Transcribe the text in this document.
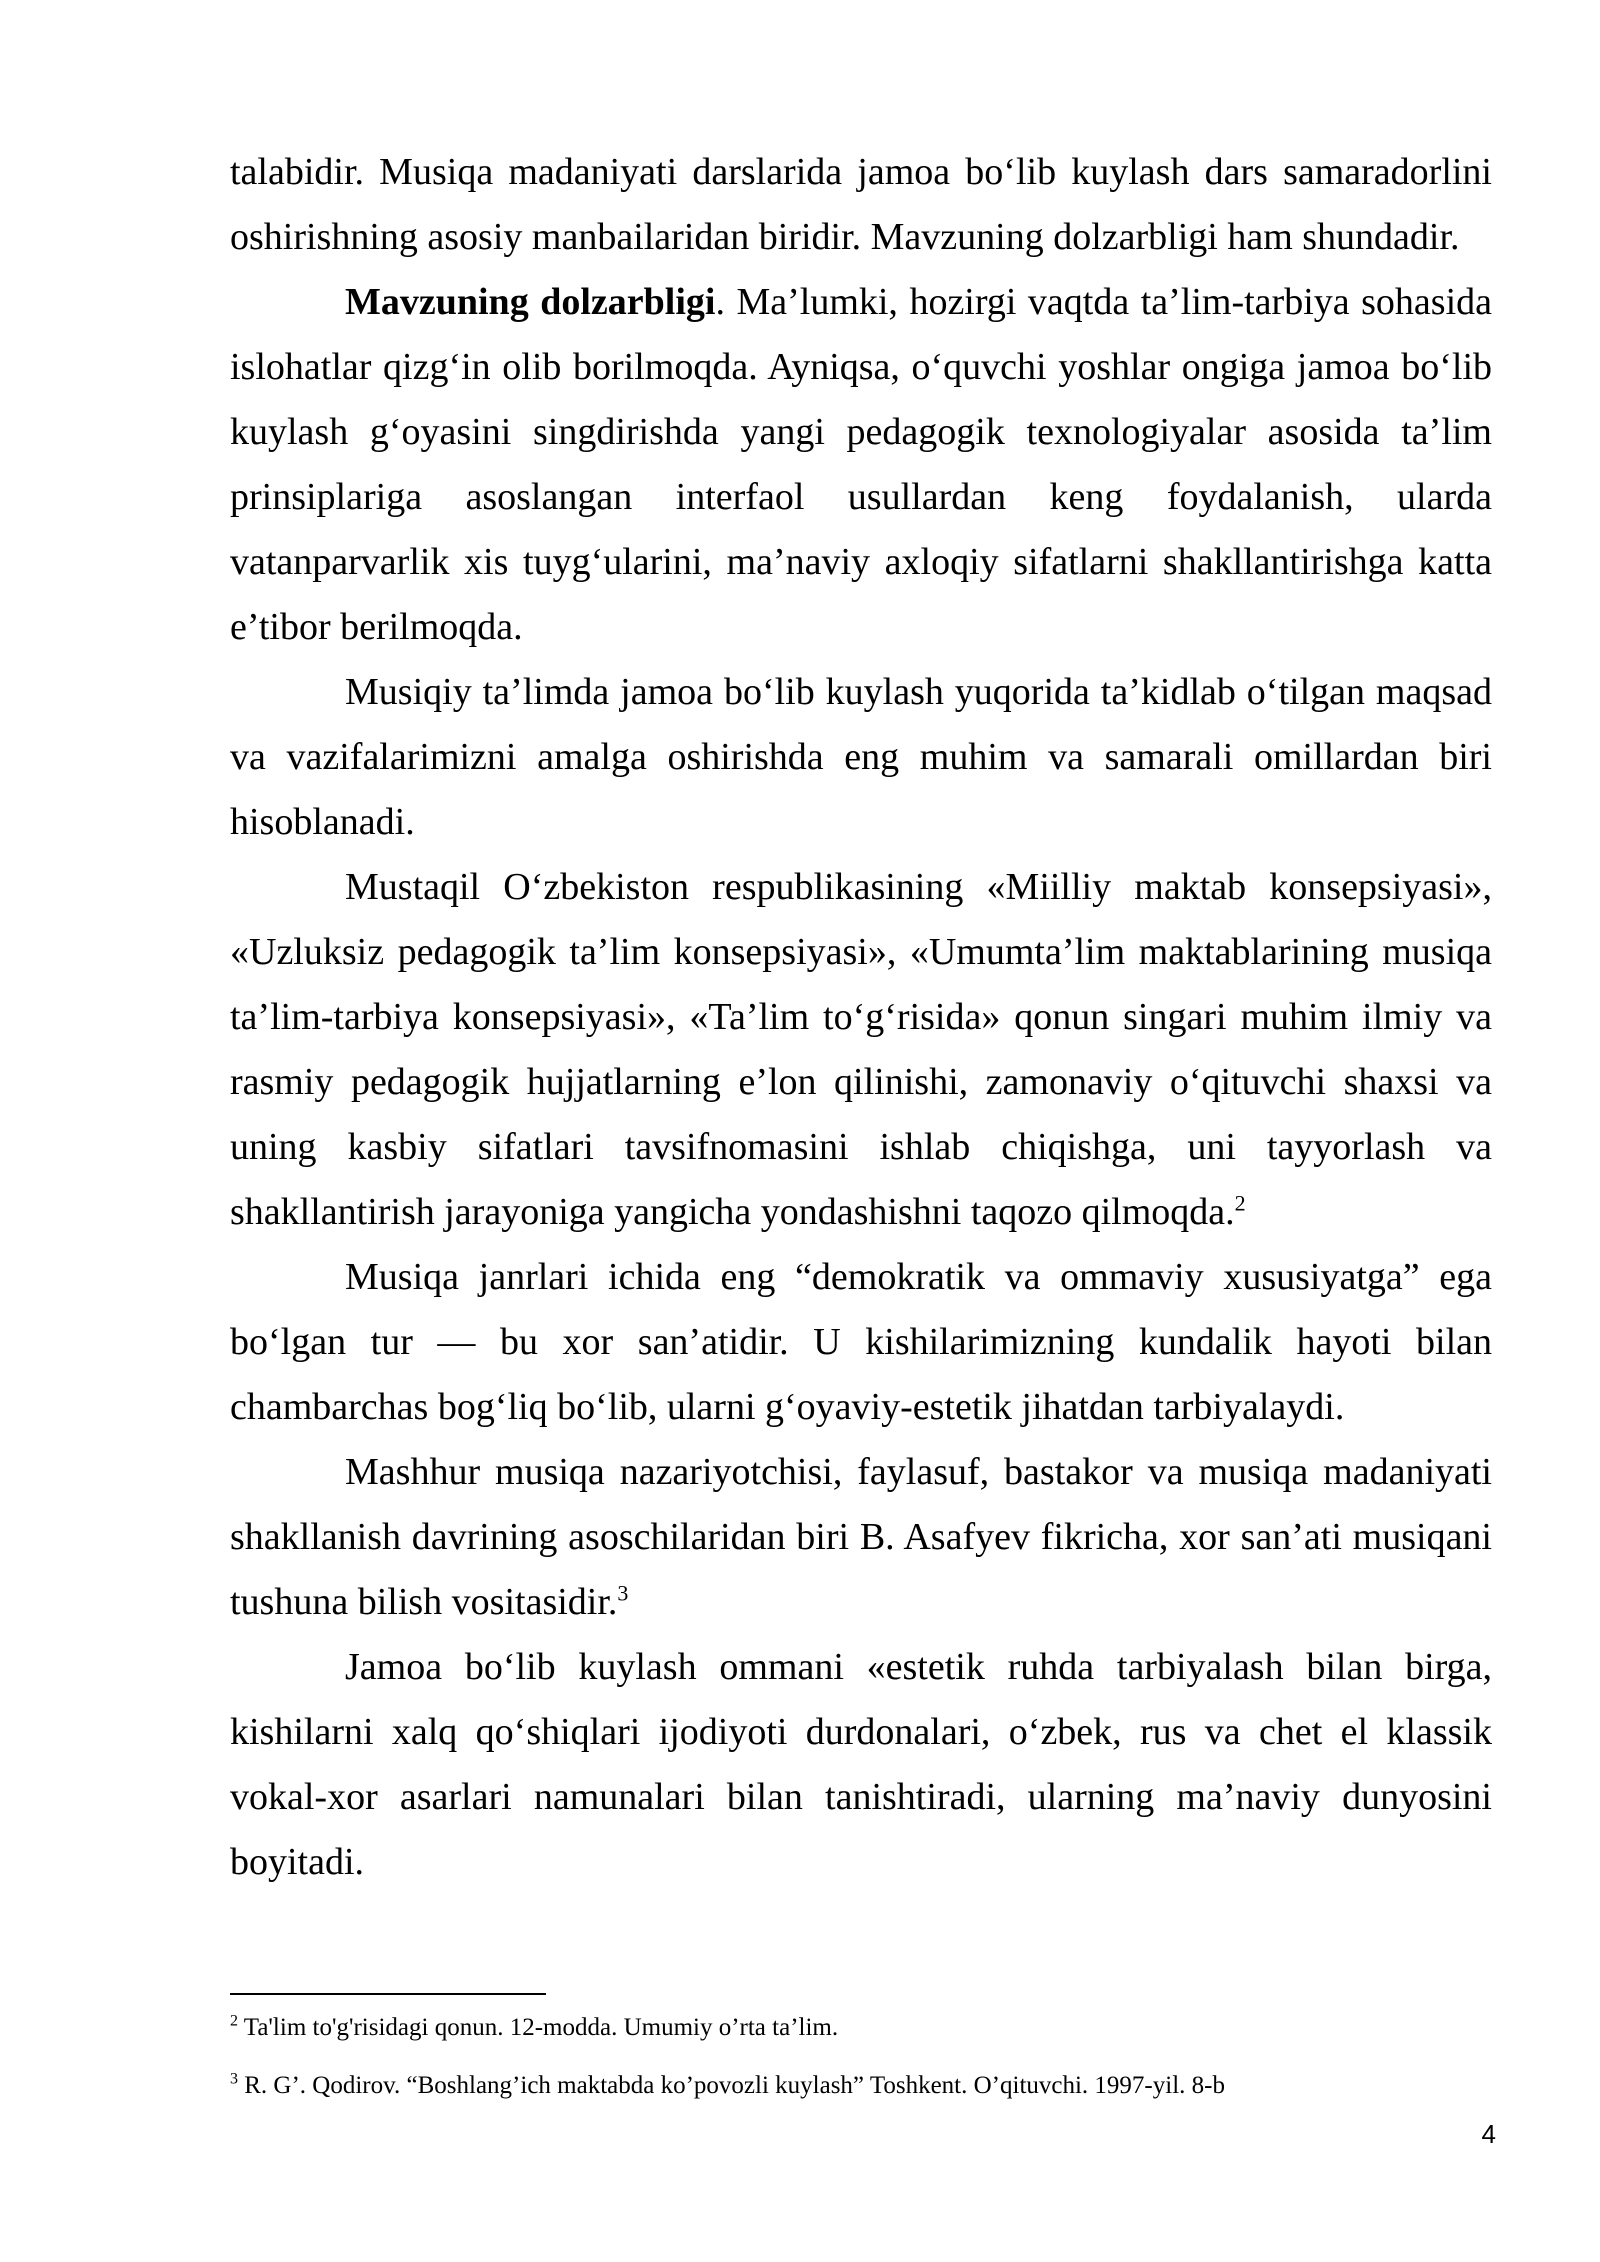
talabidir. Musiqa madaniyati darslarida jamoa bo‘lib kuylash dars samaradorlini oshirishning asosiy manbailaridan biridir. Mavzuning dolzarbligi ham shundadir.

Mavzuning dolzarbligi. Ma’lumki, hozirgi vaqtda ta’lim-tarbiya sohasida islohatlar qizg‘in olib borilmoqda. Ayniqsa, o‘quvchi yoshlar ongiga jamoa bo‘lib kuylash g‘oyasini singdirishda yangi pedagogik texnologiyalar asosida ta’lim prinsiplariga asoslangan interfaol usullardan keng foydalanish, ularda vatanparvarlik xis tuyg‘ularini, ma’naviy axloqiy sifatlarni shakllantirishga katta e’tibor berilmoqda.

Musiqiy ta’limda jamoa bo‘lib kuylash yuqorida ta’kidlab o‘tilgan maqsad va vazifalarimizni amalga oshirishda eng muhim va samarali omillardan biri hisoblanadi.

Mustaqil O‘zbekiston respublikasining «Miilliy maktab konsepsiyasi», «Uzluksiz pedagogik ta’lim konsepsiyasi», «Umumta’lim maktablarining musiqa ta’lim-tarbiya konsepsiyasi», «Ta’lim to‘g‘risida» qonun singari muhim ilmiy va rasmiy pedagogik hujjatlarning e’lon qilinishi, zamonaviy o‘qituvchi shaxsi va uning kasbiy sifatlari tavsifnomasini ishlab chiqishga, uni tayyorlash va shakllantirish jarayoniga yangicha yondashishni taqozo qilmoqda.$^2$

Musiqa janrlari ichida eng “demokratik va ommaviy xususiyatga” ega bo‘lgan tur — bu xor san’atidir. U kishilarimizning kundalik hayoti bilan chambarchas bog‘liq bo‘lib, ularni g‘oyaviy-estetik jihatdan tarbiyalaydi.

Mashhur musiqa nazariyotchisi, faylasuf, bastakor va musiqa madaniyati shakllanish davrining asoschilaridan biri B. Asafyev fikricha, xor san’ati musiqani tushuna bilish vositasidir.$^3$

Jamoa bo‘lib kuylash ommani «estetik ruhda tarbiyalash bilan birga, kishilarni xalq qo‘shiqlari ijodiyoti durdonalari, o‘zbek, rus va chet el klassik vokal-xor asarlari namunalari bilan tanishtiradi, ularning ma’naviy dunyosini boyitadi.

$^2$ Ta'lim to'g'risidagi qonun. 12-modda. Umumiy o’rta ta’lim.

$^3$ R. G’. Qodirov. “Boshlang’ich maktabda ko’povozli kuylash” Toshkent. O’qituvchi. 1997-yil. 8-b

4
